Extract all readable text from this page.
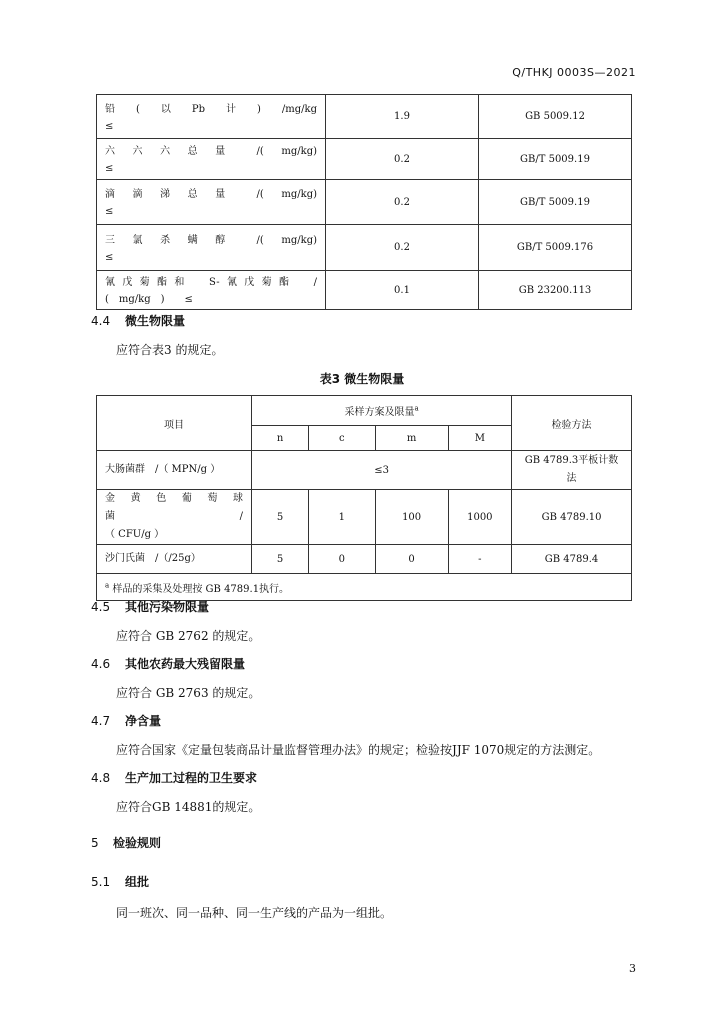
Q/THKJ 0003S—2021
铅　(　以　Pb　计　)　/mg/kg
≤	1.9	GB 5009.12
六　六　六　总　量　　/(　mg/kg)
≤	0.2	GB/T 5009.19
滴　滴　涕　总　量　　/(　mg/kg)
≤	0.2	GB/T 5009.19
三　氯　杀　螨　醇　　/(　mg/kg)
≤	0.2	GB/T 5009.176
氰戊菊酯和　S-氰戊菊酯　/
(　mg/kg　)　　≤	0.1	GB 23200.113
4.4 微生物限量
应符合表3 的规定。
表3 微生物限量
项目	采样方案及限量$^a$				检验方法
	n	c	m	M	
大肠菌群　/（ MPN/g ）	≤3				GB 4789.3平板计数
法
金　黄　色　葡　萄　球　菌　/
（ CFU/g ）	5	1	100	1000	GB 4789.10
沙门氏菌　/（/25g）	5	0	0	-	GB 4789.4
$^a$ 样品的采集及处理按 GB 4789.1执行。					
4.5 其他污染物限量
应符合 GB 2762 的规定。
4.6 其他农药最大残留限量
应符合 GB 2763 的规定。
4.7 净含量
应符合国家《定量包装商品计量监督管理办法》的规定；检验按JJF 1070规定的方法测定。
4.8 生产加工过程的卫生要求
应符合GB 14881的规定。
5 检验规则
5.1 组批
同一班次、同一品种、同一生产线的产品为一组批。
3
